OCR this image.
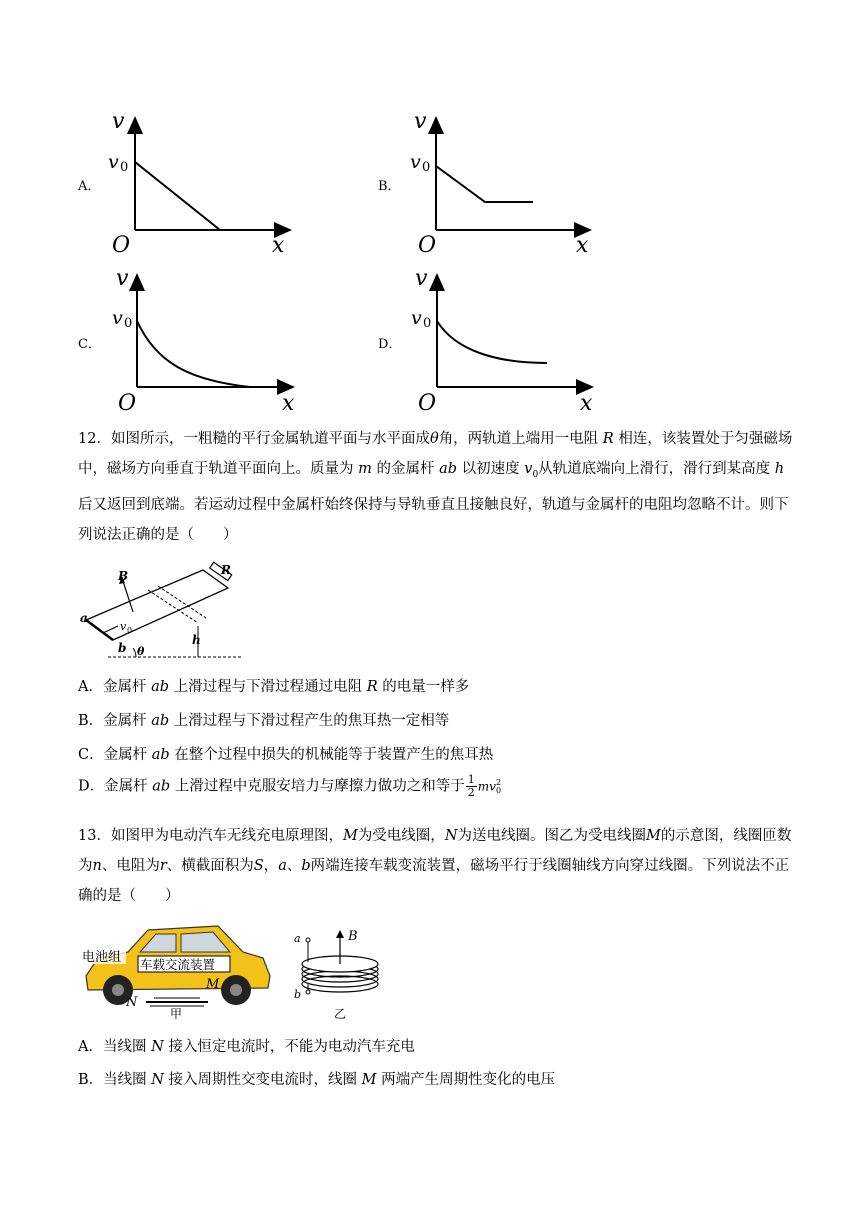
A．
v
x
v 0
O
B．
v
x
v 0
O
C．
v
x
v 0
O
D．
v
x
v 0
O
12．如图所示，一粗糙的平行金属轨道平面与水平面成θ角，两轨道上端用一电阻 R 相连，该装置处于匀强磁场中，磁场方向垂直于轨道平面向上。质量为 m 的金属杆 ab 以初速度 $v_0$从轨道底端向上滑行，滑行到某高度 h 后又返回到底端。若运动过程中金属杆始终保持与导轨垂直且接触良好，轨道与金属杆的电阻均忽略不计。则下列说法正确的是（　　）
B	R
a
b
v 0
h
θ
A．金属杆 ab 上滑过程与下滑过程通过电阻 R 的电量一样多
B．金属杆 ab 上滑过程与下滑过程产生的焦耳热一定相等
C．金属杆 ab 在整个过程中损失的机械能等于装置产生的焦耳热
D．金属杆 ab 上滑过程中克服安培力与摩擦力做功之和等于 $\frac{1}{2}$ mv 2
0
13．如图甲为电动汽车无线充电原理图，M为受电线圈，N为送电线圈。图乙为受电线圈M的示意图，线圈匝数为n、电阻为r、横截面积为S，a、b两端连接车载变流装置，磁场平行于线圈轴线方向穿过线圈。下列说法不正确的是（　　）
电池组 车载交流装置
N
M
甲
a
b
B
乙
A．当线圈 N 接入恒定电流时，不能为电动汽车充电
B．当线圈 N 接入周期性交变电流时，线圈 M 两端产生周期性变化的电压
